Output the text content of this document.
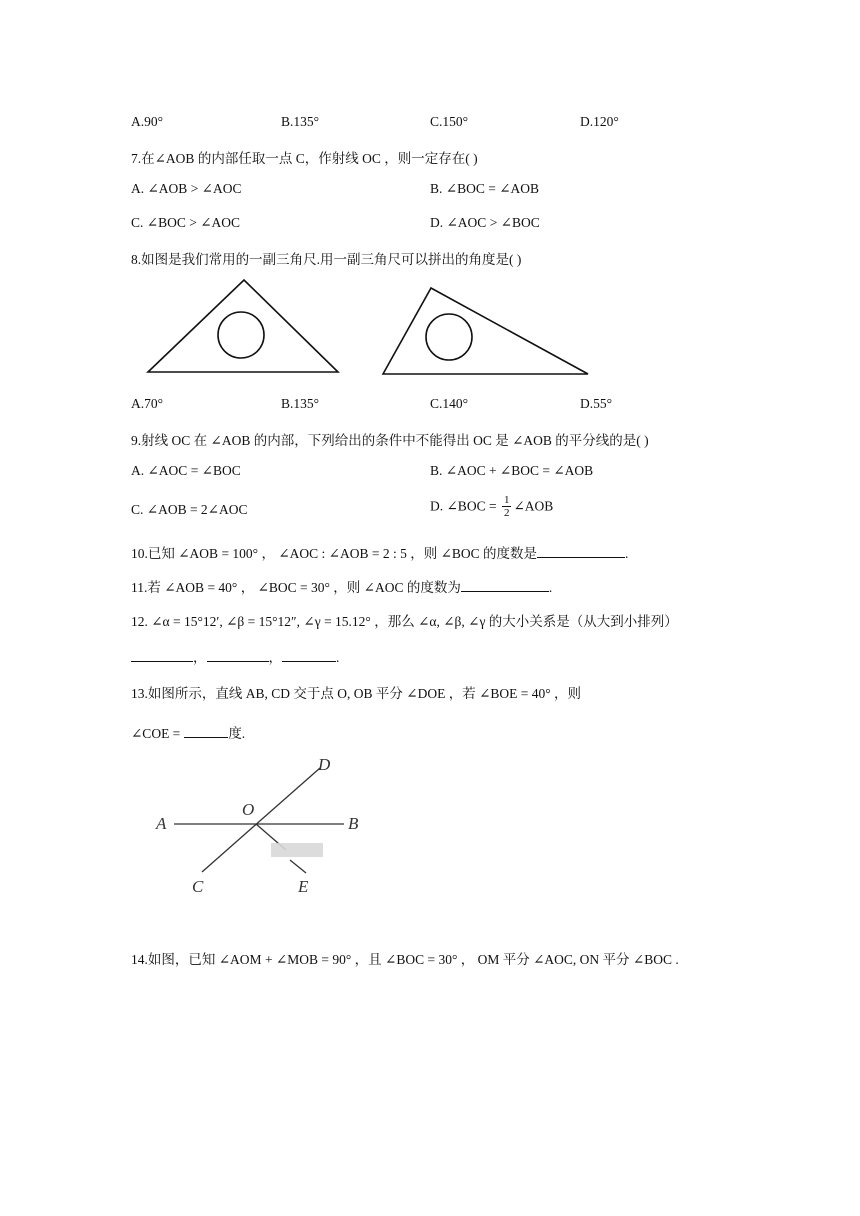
A.90°	B.135°	C.150°	D.120°
7.在∠AOB 的内部任取一点 C，作射线 OC ，则一定存在( )
A. ∠AOB > ∠AOC	B. ∠BOC = ∠AOB
C. ∠BOC > ∠AOC	D. ∠AOC > ∠BOC
8.如图是我们常用的一副三角尺.用一副三角尺可以拼出的角度是( )
A.70°	B.135°	C.140°	D.55°
9.射线 OC 在 ∠AOB 的内部，下列给出的条件中不能得出 OC 是 ∠AOB 的平分线的是( )
A. ∠AOC = ∠BOC	B. ∠AOC + ∠BOC = ∠AOB
C. ∠AOB = 2∠AOC	D. ∠BOC = $\frac{1}{2}$ ∠AOB
10.已知 ∠AOB = 100° ， ∠AOC : ∠AOB = 2 : 5 ，则 ∠BOC 的度数是	.
11.若 ∠AOB = 40° ， ∠BOC = 30° ，则 ∠AOC 的度数为	.
12. ∠α = 15°12′, ∠β = 15°12″, ∠γ = 15.12° ，那么 ∠α, ∠β, ∠γ 的大小关系是（从大到小排列）
，	，	.
13.如图所示，直线 AB, CD 交于点 O, OB 平分 ∠DOE ，若 ∠BOE = 40° ，则
∠COE =	度.
A	B
C
D
E
O
14.如图，已知 ∠AOM + ∠MOB = 90° ，且 ∠BOC = 30° ， OM 平分 ∠AOC, ON 平分 ∠BOC .
